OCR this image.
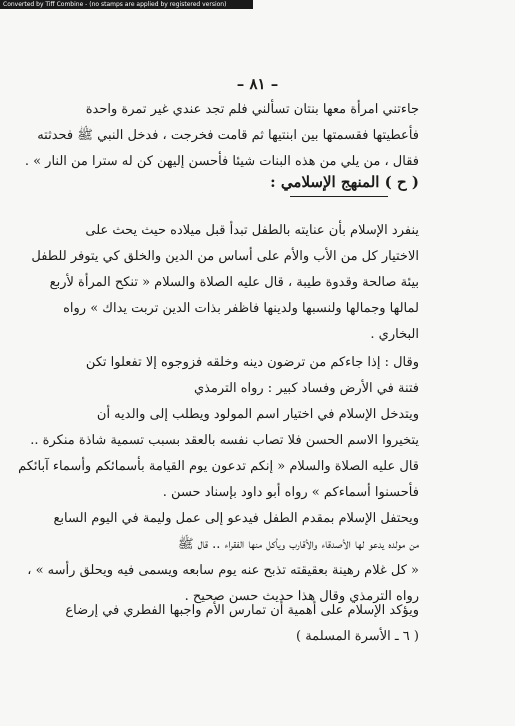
Converted by Tiff Combine - (no stamps are applied by registered version)
– ٨١ –
جاءتني امرأة معها بنتان تسألني فلم تجد عندي غير تمرة واحدة
فأعطيتها فقسمتها بين ابنتيها ثم قامت فخرجت ، فدخل النبي ﷺ فحدثته
فقال ، من يلي من هذه البنات شيئا فأحسن إليهن كن له سترا من النار » .
( ح ) المنهج الإسلامي :
ينفرد الإسلام بأن عنايته بالطفل تبدأ قبل ميلاده حيث يحث على
الاختيار كل من الأب والأم على أساس من الدين والخلق كي يتوفر للطفل
بيئة صالحة وقدوة طيبة ، قال عليه الصلاة والسلام « تنكح المرأة لأربع
لمالها وجمالها ولنسبها ولدينها فاظفر بذات الدين تربت يداك » رواه
البخاري .
وقال : إذا جاءكم من ترضون دينه وخلقه فزوجوه إلا تفعلوا تكن
فتنة في الأرض وفساد كبير : رواه الترمذي
ويتدخل الإسلام في اختيار اسم المولود ويطلب إلى والديه أن
يتخيروا الاسم الحسن فلا تصاب نفسه بالعقد بسبب تسمية شاذة منكرة ..
قال عليه الصلاة والسلام « إنكم تدعون يوم القيامة بأسمائكم وأسماء آبائكم
فأحسنوا أسماءكم » رواه أبو داود بإسناد حسن .
ويحتفل الإسلام بمقدم الطفل فيدعو إلى عمل وليمة في اليوم السابع
من مولده يدعو لها الأصدقاء والأقارب ويأكل منها الفقراء .. قال ﷺ
« كل غلام رهينة بعقيقته تذبح عنه يوم سابعه ويسمى فيه ويحلق رأسه » ،
رواه الترمذي وقال هذا حديث حسن صحيح .
ويؤكد الإسلام على أهمية أن تمارس الأم واجبها الفطري في إرضاع
( ٦ ـ الأسرة المسلمة )
